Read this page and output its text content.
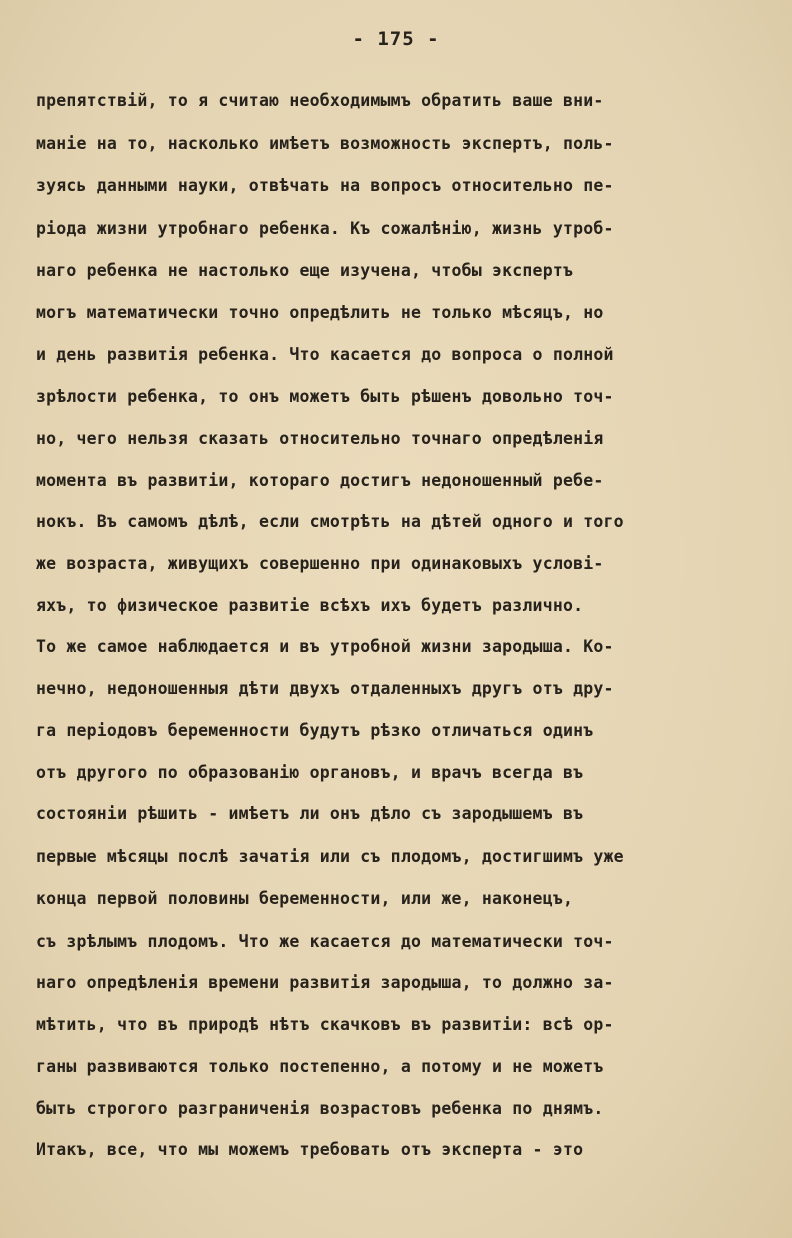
- 175 -
препятствій, то я считаю необходимымъ обратить ваше вни-
маніе на то, насколько имѣетъ возможность экспертъ, поль-
зуясь данными науки, отвѣчать на вопросъ относительно пе-
ріода жизни утробнаго ребенка. Къ сожалѣнію, жизнь утроб-
наго ребенка не настолько еще изучена, чтобы экспертъ
могъ математически точно опредѣлить не только мѣсяцъ, но
и день развитія ребенка. Что касается до вопроса о полной
зрѣлости ребенка, то онъ можетъ быть рѣшенъ довольно точ-
но, чего нельзя сказать относительно точнаго опредѣленія
момента въ развитіи, котораго достигъ недоношенный ребе-
нокъ. Въ самомъ дѣлѣ, если смотрѣть на дѣтей одного и того
же возраста, живущихъ совершенно при одинаковыхъ услові-
яхъ, то физическое развитіе всѣхъ ихъ будетъ различно.
То же самое наблюдается и въ утробной жизни зародыша. Ко-
нечно, недоношенныя дѣти двухъ отдаленныхъ другъ отъ дру-
га періодовъ беременности будутъ рѣзко отличаться одинъ
отъ другого по образованію органовъ, и врачъ всегда въ
состояніи рѣшить - имѣетъ ли онъ дѣло съ зародышемъ въ
первые мѣсяцы послѣ зачатія или съ плодомъ, достигшимъ уже
конца первой половины беременности, или же, наконецъ,
съ зрѣлымъ плодомъ. Что же касается до математически точ-
наго опредѣленія времени развитія зародыша, то должно за-
мѣтить, что въ природѣ нѣтъ скачковъ въ развитіи: всѣ ор-
ганы развиваются только постепенно, а потому и не можетъ
быть строгого разграниченія возрастовъ ребенка по днямъ.
Итакъ, все, что мы можемъ требовать отъ эксперта - это
